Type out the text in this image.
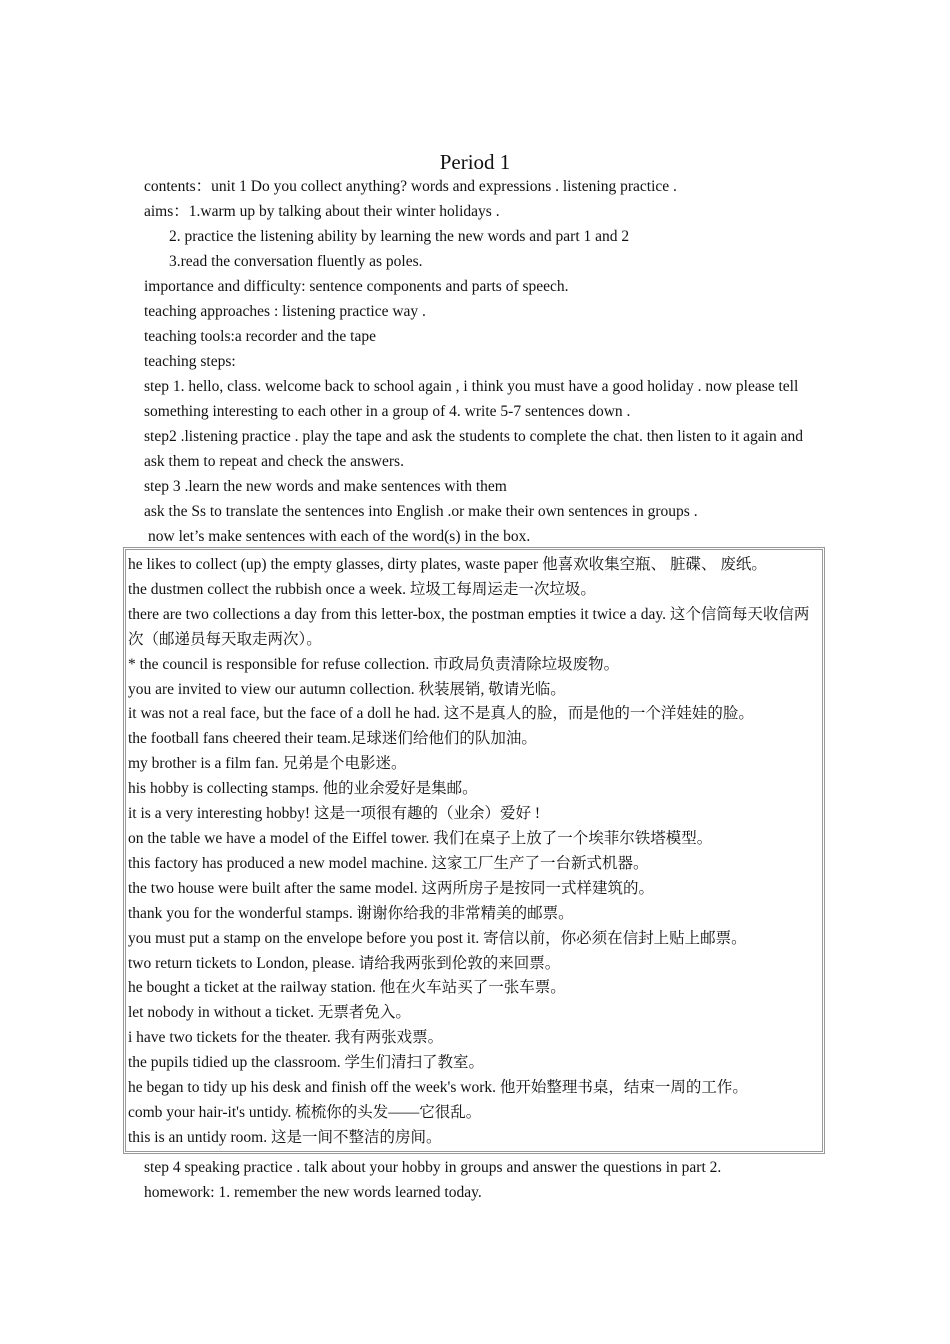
Period 1
contents：unit 1 Do you collect anything? words and expressions . listening practice .
aims：1.warm up by talking about their winter holidays .
2. practice the listening ability by learning the new words and part 1 and 2
3.read the conversation fluently as poles.
importance and difficulty: sentence components and parts of speech.
teaching approaches : listening practice way .
teaching tools:a recorder and the tape
teaching steps:
step 1. hello, class. welcome back to school again , i think you must have a good holiday . now please tell something interesting to each other in a group of 4. write 5-7 sentences down .
step2 .listening practice . play the tape and ask the students to complete the chat. then listen to it again and ask them to repeat and check the answers.
step 3 .learn the new words and make sentences with them
ask the Ss to translate the sentences into English .or make their own sentences in groups .
now let’s make sentences with each of the word(s) in the box.
he likes to collect (up) the empty glasses, dirty plates, waste paper 他喜欢收集空瓶、 脏碟、 废纸。
the dustmen collect the rubbish once a week. 垃圾工每周运走一次垃圾。
there are two collections a day from this letter-box, the postman empties it twice a day. 这个信筒每天收信两次（邮递员每天取走两次）。
* the council is responsible for refuse collection. 市政局负责清除垃圾废物。
you are invited to view our autumn collection. 秋装展销, 敬请光临。
it was not a real face, but the face of a doll he had. 这不是真人的脸，而是他的一个洋娃娃的脸。
the football fans cheered their team.足球迷们给他们的队加油。
my brother is a film fan. 兄弟是个电影迷。
his hobby is collecting stamps. 他的业余爱好是集邮。
it is a very interesting hobby! 这是一项很有趣的（业余）爱好 !
on the table we have a model of the Eiffel tower. 我们在桌子上放了一个埃菲尔铁塔模型。
this factory has produced a new model machine. 这家工厂生产了一台新式机器。
the two house were built after the same model. 这两所房子是按同一式样建筑的。
thank you for the wonderful stamps. 谢谢你给我的非常精美的邮票。
you must put a stamp on the envelope before you post it. 寄信以前，你必须在信封上贴上邮票。
two return tickets to London, please. 请给我两张到伦敦的来回票。
he bought a ticket at the railway station. 他在火车站买了一张车票。
let nobody in without a ticket. 无票者免入。
i have two tickets for the theater. 我有两张戏票。
the pupils tidied up the classroom. 学生们清扫了教室。
he began to tidy up his desk and finish off the week's work. 他开始整理书桌，结束一周的工作。
comb your hair-it's untidy. 梳梳你的头发——它很乱。
this is an untidy room. 这是一间不整洁的房间。
step 4 speaking practice . talk about your hobby in groups and answer the questions in part 2.
homework: 1. remember the new words learned today.
